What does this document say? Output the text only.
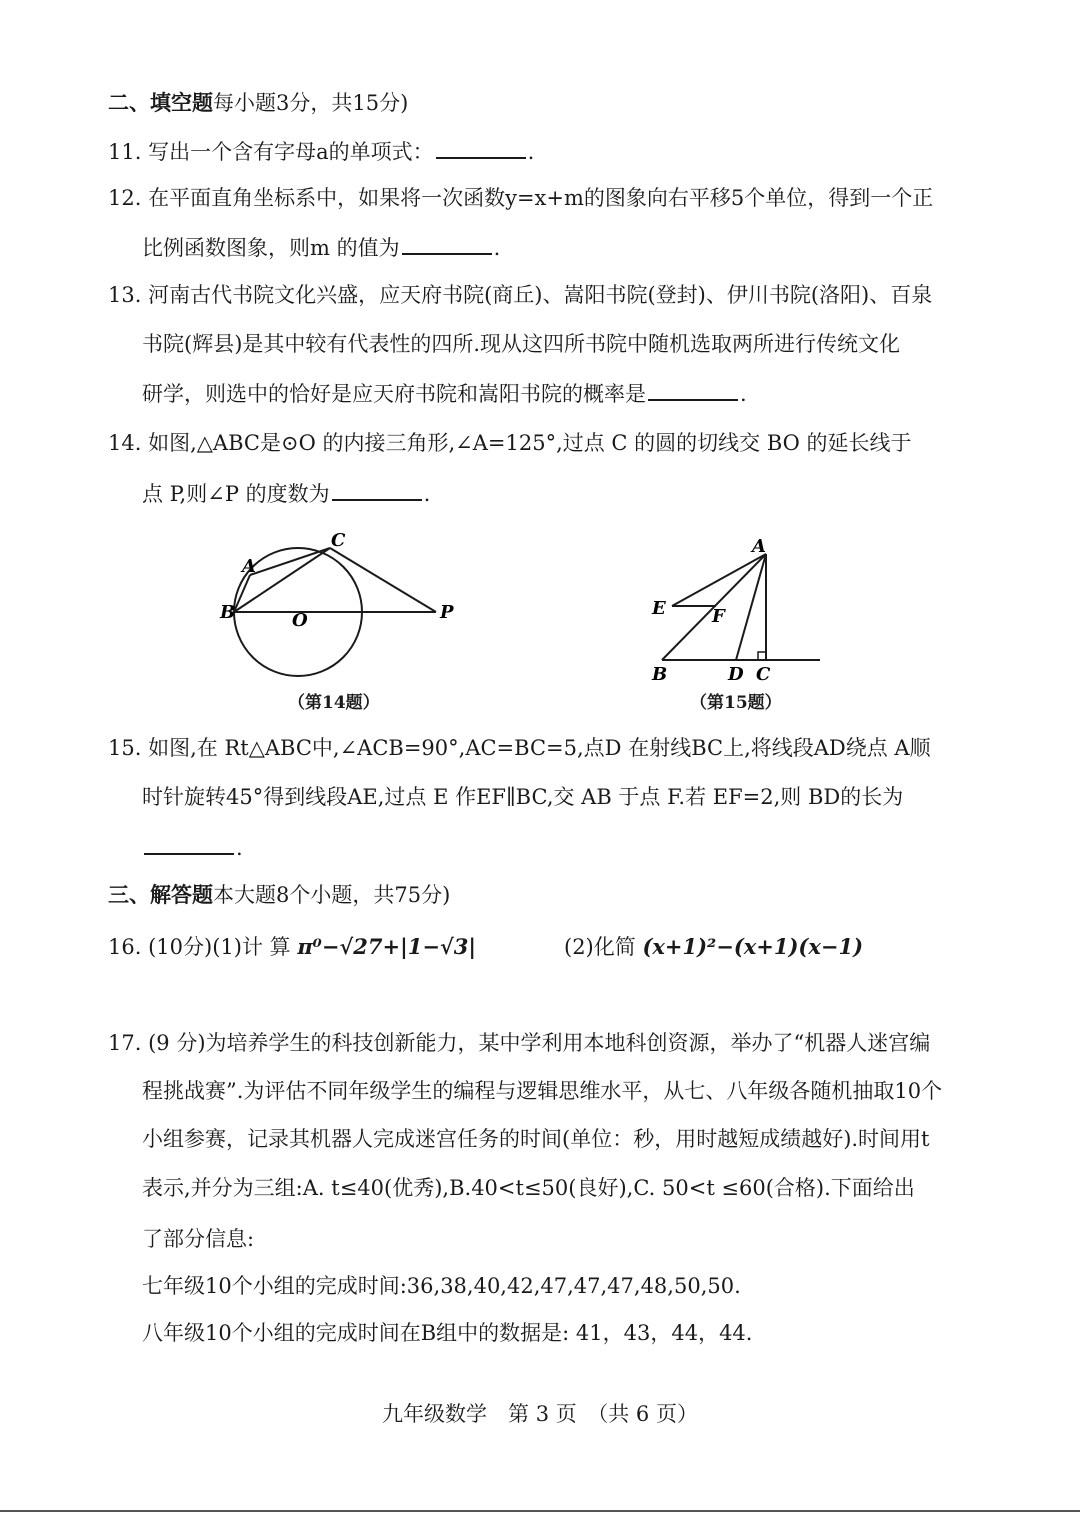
二、填空题每小题3分，共15分)
11. 写出一个含有字母a的单项式：	.
12. 在平面直角坐标系中，如果将一次函数y=x+m的图象向右平移5个单位，得到一个正
比例函数图象，则m 的值为	.
13. 河南古代书院文化兴盛，应天府书院(商丘)、嵩阳书院(登封)、伊川书院(洛阳)、百泉
书院(辉县)是其中较有代表性的四所.现从这四所书院中随机选取两所进行传统文化
研学，则选中的恰好是应天府书院和嵩阳书院的概率是	.
14. 如图,△ABC是⊙O 的内接三角形,∠A=125°,过点 C 的圆的切线交 BO 的延长线于
点 P,则∠P 的度数为	.
A
B
C
O	P
（第14题）
A
B	C
D
E	F
（第15题）
15. 如图,在 Rt△ABC中,∠ACB=90°,AC=BC=5,点D 在射线BC上,将线段AD绕点 A顺
时针旋转45°得到线段AE,过点 E 作EF∥BC,交 AB 于点 F.若 EF=2,则 BD的长为
.
三、解答题本大题8个小题，共75分)
16. (10分)(1)计 算 π⁰−√27+|1−√3|	(2)化简 (x+1)²−(x+1)(x−1)
17. (9 分)为培养学生的科技创新能力，某中学利用本地科创资源，举办了“机器人迷宫编
程挑战赛”.为评估不同年级学生的编程与逻辑思维水平，从七、八年级各随机抽取10个
小组参赛，记录其机器人完成迷宫任务的时间(单位：秒，用时越短成绩越好).时间用t
表示,并分为三组:A. t≤40(优秀),B.40<t≤50(良好),C. 50<t ≤60(合格).下面给出
了部分信息:
七年级10个小组的完成时间:36,38,40,42,47,47,47,48,50,50.
八年级10个小组的完成时间在B组中的数据是: 41，43，44，44.
九年级数学　第 3 页　（共 6 页）
